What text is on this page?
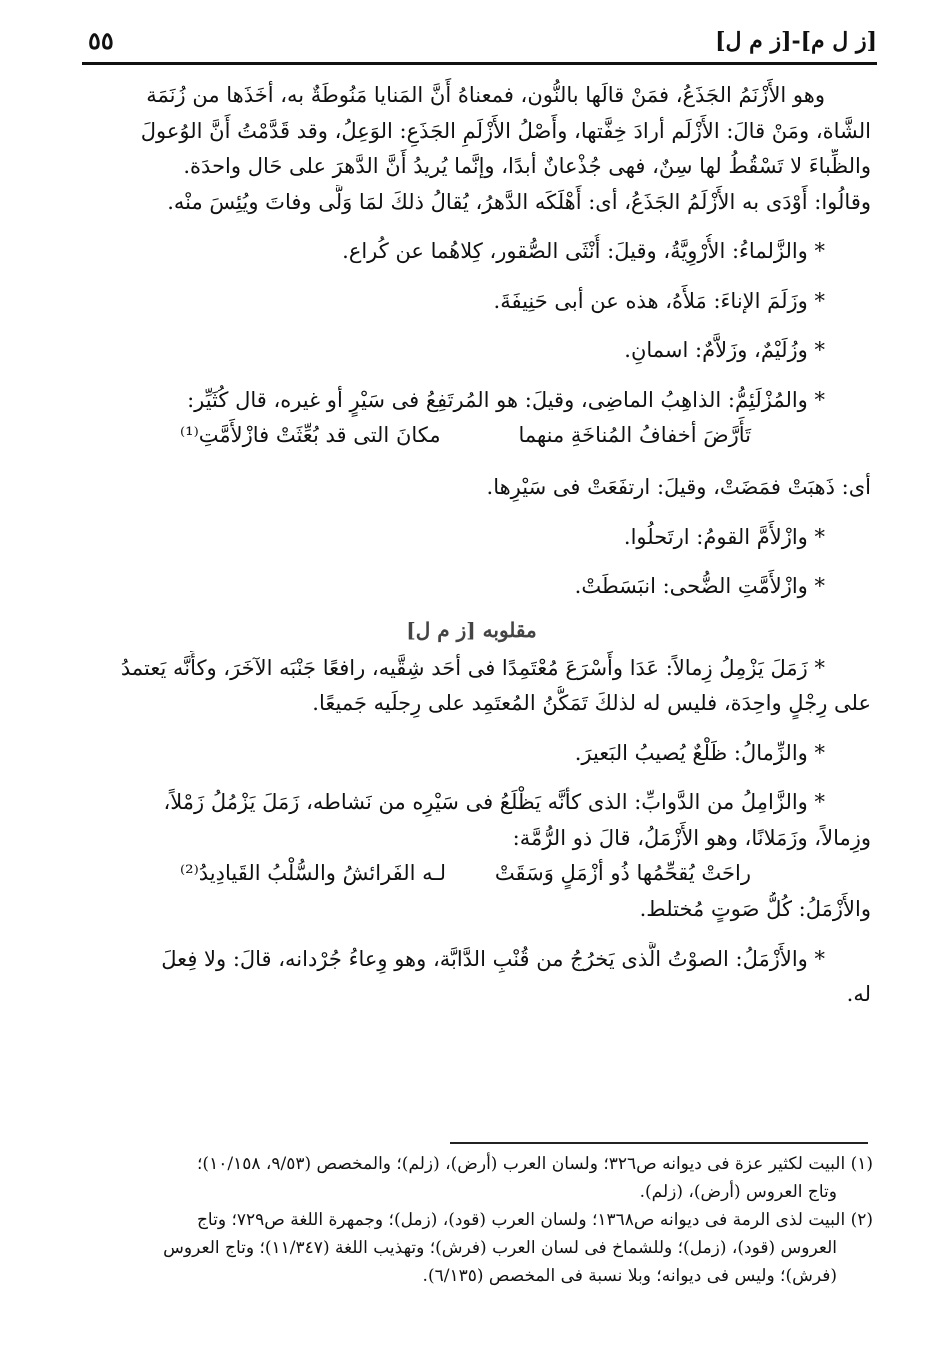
[ز ل م]-[ز م ل]
٥٥
وهو الأَزْنَمُ الجَذَعُ، فمَنْ قالَها بالنُّون، فمعناهُ أَنَّ المَنايا مَنُوطَةٌ به، أخَذَها من زُنَمَة
الشَّاة، ومَنْ قالَ: الأَزْلَم أرادَ خِفَّتها، وأَصْلُ الأَزْلَمِ الجَذَعِ: الوَعِلُ، وقد قَدَّمْتُ أَنَّ الوُعولَ
والظِّباءَ لا تَسْقُطُ لها سِنٌ، فهى جُذْعانٌ أبدًا، وإنَّما يُريدُ أَنَّ الدَّهرَ على حَال واحدَة.
وقالُوا: أَوْدَى به الأَزْلَمُ الجَذَعُ، أى: أَهْلَكَه الدَّهرُ، يُقالُ ذلكَ لمَا وَلَّى وفاتَ ويُئِسَ منْه.
* والزَّلماءُ: الأُرْوِيَّةُ، وقيلَ: أُنْثَى الصُّقور، كِلاهُما عن كُراع.
* وزَلَمَ الإناءَ: مَلأَهُ، هذه عن أبى حَنِيفَةَ.
* وزُلَيْمٌ، وزَلاَّمٌ: اسمانِ.
* والمُزْلَئِمُّ: الذاهِبُ الماضِى، وقيلَ: هو المُرتَفِعُ فى سَيْرٍ أو غيره، قال كُثَيِّر:
تَأَرَّضَ أخفافُ المُناخَةِ منهما
مكانَ التى قد بُعِّثَتْ فازْلأَمَّتِ⁽¹⁾
أى: ذَهبَتْ فمَضَتْ، وقيلَ: ارتفَعَتْ فى سَيْرِها.
* وازْلأَمَّ القومُ: ارتَحلُوا.
* وازْلأَمَّتِ الضُّحى: انبَسَطَتْ.
مقلوبه [ز م ل]
* زَمَلَ يَزْمِلُ زِمالاً: عَدَا وأَسْرَعَ مُعْتَمِدًا فى أحَد شِقَّيه، رافعًا جَنْبَه الآخَرَ، وكأَنَّه يَعتمدُ
على رِجْلٍ واحِدَة، فليس له لذلكَ تَمَكُّنُ المُعتَمِد على رِجلَيه جَميعًا.
* والزِّمالُ: ظَلْعٌ يُصيبُ البَعيرَ.
* والزَّامِلُ من الدَّوابِّ: الذى كأنَّه يَظْلَعُ فى سَيْرِه من نَشاطه، زَمَلَ يَزْمُلُ زَمْلاً،
وزِمالاً، وزَمَلانًا، وهو الأَزْمَلُ، قالَ ذو الرُّمَّة:
راحَتْ يُقحِّمُها ذُو أزْمَلٍ وَسَقَتْ
لـه الفَرائشُ والسُّلْبُ القَيادِيدُ⁽²⁾
والأَزْمَلُ: كُلُّ صَوتٍ مُختلط.
* والأَزْمَلُ: الصوْتُ الَّذى يَخرُجُ من قُنْبِ الدَّابَّة، وهو وِعاءُ جُرْدانه، قالَ: ولا فِعلَ
له.
(١) البيت لكثير عزة فى ديوانه ص٣٢٦؛ ولسان العرب (أرض)، (زلم)؛ والمخصص (٩/٥٣، ١٠/١٥٨)؛
وتاج العروس (أرض)، (زلم).
(٢) البيت لذى الرمة فى ديوانه ص١٣٦٨؛ ولسان العرب (قود)، (زمل)؛ وجمهرة اللغة ص٧٢٩؛ وتاج
العروس (قود)، (زمل)؛ وللشماخ فى لسان العرب (فرش)؛ وتهذيب اللغة (١١/٣٤٧)؛ وتاج العروس
(فرش)؛ وليس فى ديوانه؛ وبلا نسبة فى المخصص (٦/١٣٥).
